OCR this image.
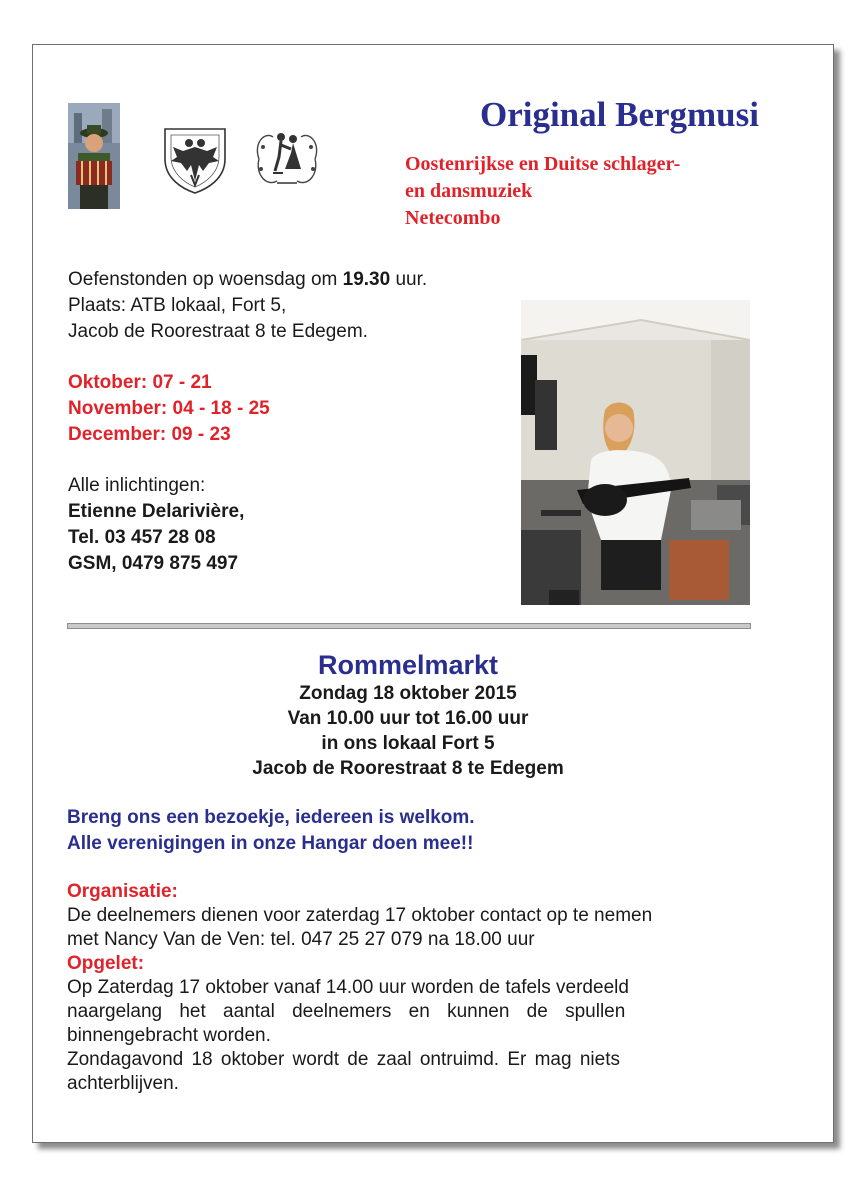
Original Bergmusi
Oostenrijkse en Duitse schlager-
en dansmuziek
Netecombo
Oefenstonden op woensdag om 19.30 uur.
Plaats: ATB lokaal, Fort 5,
Jacob de Roorestraat 8 te Edegem.
Oktober: 07 - 21
November: 04 - 18 - 25
December: 09 - 23
Alle inlichtingen:
Etienne Delarivière,
Tel. 03 457 28 08
GSM, 0479 875 497
Rommelmarkt
Zondag 18 oktober 2015
Van 10.00 uur tot 16.00 uur
in ons lokaal Fort 5
Jacob de Roorestraat 8 te Edegem
Breng ons een bezoekje, iedereen is welkom.
Alle verenigingen in onze Hangar doen mee!!
Organisatie:
De deelnemers dienen voor zaterdag 17 oktober contact op te nemen
met Nancy Van de Ven: tel. 047 25 27 079 na 18.00 uur
Opgelet:
Op Zaterdag 17 oktober vanaf 14.00 uur worden de tafels verdeeld
naargelang het aantal deelnemers en kunnen de spullen
binnengebracht worden.
Zondagavond 18 oktober wordt de zaal ontruimd. Er mag niets
achterblijven.
